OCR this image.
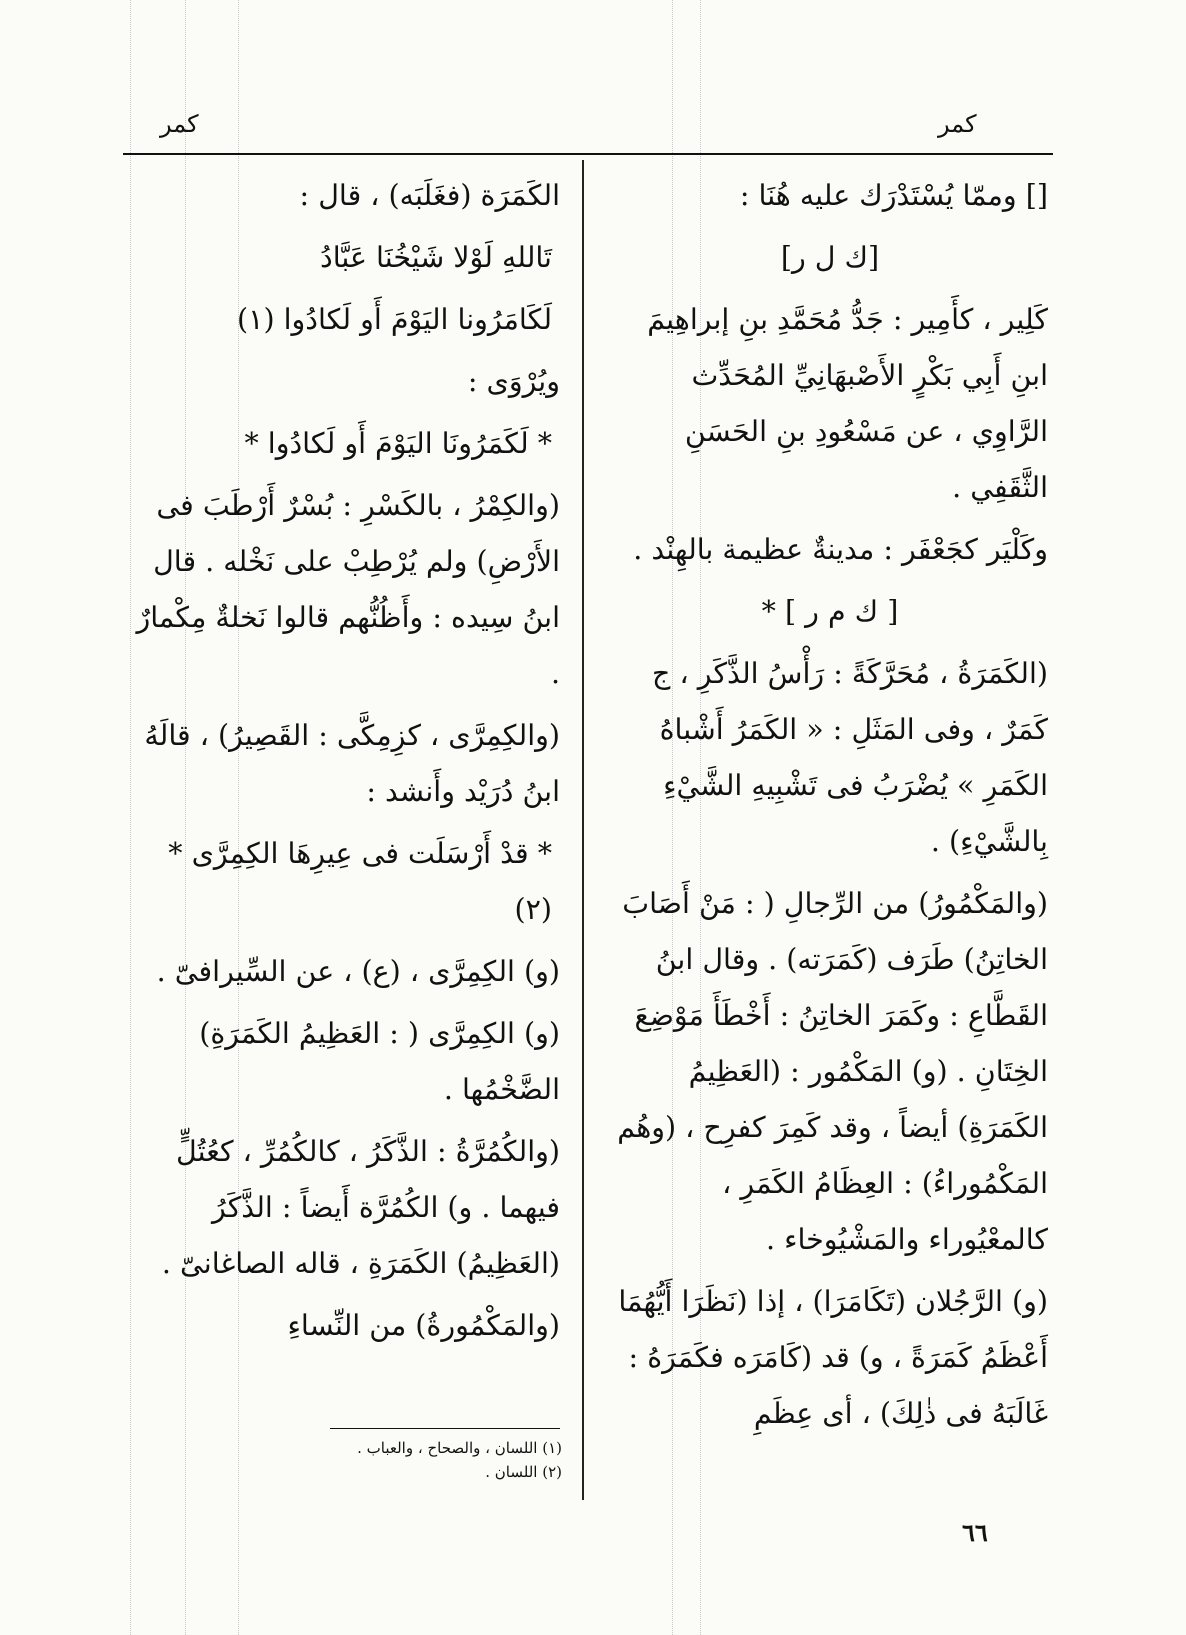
كمر
كمر

[] وممّا يُسْتَدْرَك عليه هُنَا :

[ك ل ر]

كَلِير ، كأَمِير : جَدُّ مُحَمَّدِ بنِ إبراهِيمَ ابنِ أَبِي بَكْرٍ الأَصْبهَانِيِّ المُحَدِّث الرَّاوِي ، عن مَسْعُودِ بنِ الحَسَنِ الثَّقَفِي .

وكَلْيَر كجَعْفَر : مدينةٌ عظيمة بالهِنْد .

[ ك م ر ] *

(الكَمَرَةُ ، مُحَرَّكَةً : رَأْسُ الذَّكَرِ ، ج كَمَرٌ ، وفى المَثَلِ : « الكَمَرُ أَشْباهُ الكَمَرِ » يُضْرَبُ فى تَشْبِيهِ الشَّيْءِ بِالشَّيْءِ) .

(والمَكْمُورُ) من الرِّجالِ ( : مَنْ أَصَابَ الخاتِنُ) طَرَف (كَمَرَته) . وقال ابنُ القَطَّاعِ : وكَمَرَ الخاتِنُ : أَخْطَأَ مَوْضِعَ الخِتَانِ . (و) المَكْمُور : (العَظِيمُ الكَمَرَةِ) أيضاً ، وقد كَمِرَ كفرِح ، (وهُم المَكْمُوراءُ) : العِظَامُ الكَمَرِ ، كالمعْيُوراء والمَشْيُوخاء .

(و) الرَّجُلان (تَكَامَرَا) ، إذا (نَظَرَا أَيُّهُمَا أَعْظَمُ كَمَرَةً ، و) قد (كَامَرَه فكَمَرَهُ : غَالَبَهُ فى ذٰلِكَ) ، أى عِظَمِ

الكَمَرَة (فغَلَبَه) ، قال :

تَاللهِ لَوْلا شَيْخُنَا عَبَّادُ

لَكَامَرُونا اليَوْمَ أَو لَكادُوا (١)

ويُرْوَى :

* لَكَمَرُونَا اليَوْمَ أَو لَكادُوا *

(والكِمْرُ ، بالكَسْرِ : بُسْرٌ أَرْطَبَ فى الأَرْضِ) ولم يُرْطِبْ على نَخْله . قال ابنُ سِيده : وأَظُنُّهم قالوا نَخلةٌ مِكْمارٌ .

(والكِمِرَّى ، كزِمِكَّى : القَصِيرُ) ، قالَهُ ابنُ دُرَيْد وأَنشد :

* قدْ أَرْسَلَت فى عِيرِهَا الكِمِرَّى * (٢)

(و) الكِمِرَّى ، (ع) ، عن السِّيرافىّ .

(و) الكِمِرَّى ( : العَظِيمُ الكَمَرَةِ) الضَّخْمُها .

(والكُمُرَّةُ : الذَّكَرُ ، كالكُمُرِّ ، كعُتُلٍّ فيهما . و) الكُمُرَّة أَيضاً : الذَّكَرُ (العَظِيمُ) الكَمَرَةِ ، قاله الصاغانىّ .

(والمَكْمُورةُ) من النِّساءِ

(١) اللسان ، والصحاح ، والعباب .
(٢) اللسان .
٦٦
